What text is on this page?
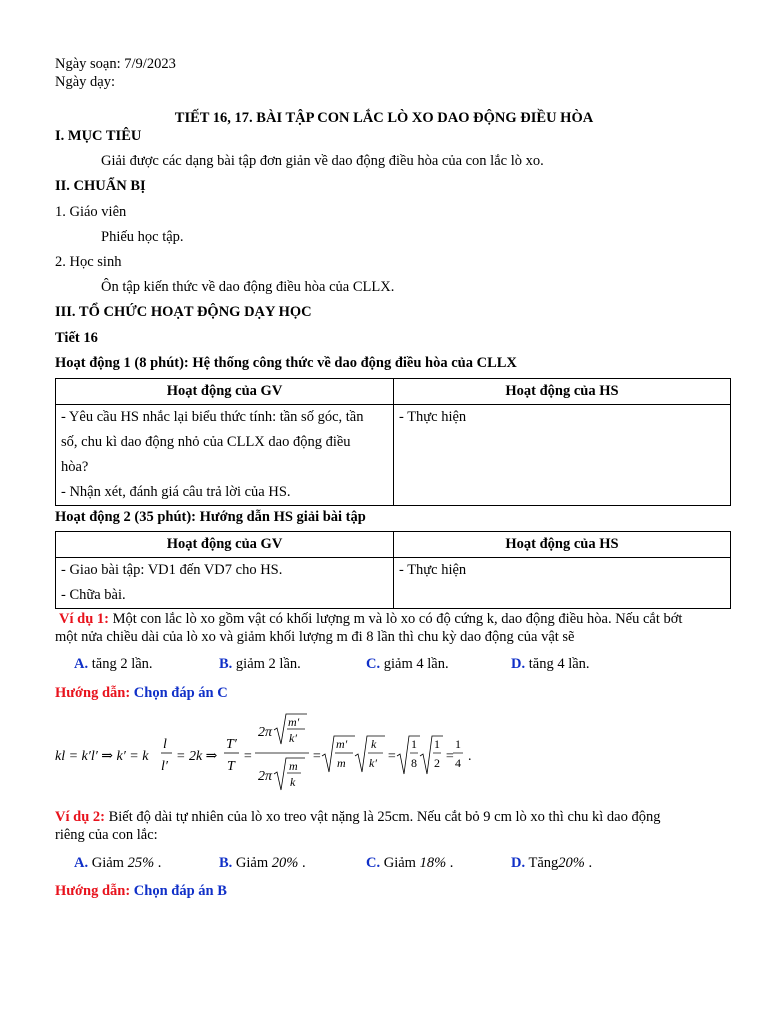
Ngày soạn: 7/9/2023
Ngày dạy:
TIẾT 16, 17. BÀI TẬP CON LẮC LÒ XO DAO ĐỘNG ĐIỀU HÒA
I. MỤC TIÊU
Giải được các dạng bài tập đơn giản về dao động điều hòa của con lắc lò xo.
II. CHUẨN BỊ
1. Giáo viên
Phiếu học tập.
2. Học sinh
Ôn tập kiến thức về dao động điều hòa của CLLX.
III. TỔ CHỨC HOẠT ĐỘNG DẠY HỌC
Tiết 16
Hoạt động 1 (8 phút): Hệ thống công thức về dao động điều hòa của CLLX
Hoạt động của GV	Hoạt động của HS

- Yêu cầu HS nhắc lại biểu thức tính: tần số góc, tần
số, chu kì dao động nhỏ của CLLX dao động điều
hòa?
- Nhận xét, đánh giá câu trả lời của HS.	- Thực hiện
Hoạt động 2 (35 phút): Hướng dẫn HS giải bài tập
Hoạt động của GV	Hoạt động của HS

- Giao bài tập: VD1 đến VD7 cho HS.
- Chữa bài.	- Thực hiện
Ví dụ 1: Một con lắc lò xo gồm vật có khối lượng m và lò xo có độ cứng k, dao động điều hòa. Nếu cắt bớt
một nửa chiều dài của lò xo và giảm khối lượng m đi 8 lần thì chu kỳ dao động của vật sẽ
A. tăng 2 lần.	B. giảm 2 lần.	C. giảm 4 lần.	D. tăng 4 lần.
Hướng dẫn: Chọn đáp án C
kl = k′l′ ⇒ k′ = k
l
l′
= 2k ⇒
T′
T
=
2π
m′
k′
2π
m
k
=
m′
m
k
k′ =
1
8
1
2 =
1
4 .
Ví dụ 2: Biết độ dài tự nhiên của lò xo treo vật nặng là 25cm. Nếu cắt bỏ 9 cm lò xo thì chu kì dao động
riêng của con lắc:
A. Giảm 25% .	B. Giảm 20% .	C. Giảm 18% .	D. Tăng20% .
Hướng dẫn: Chọn đáp án B
